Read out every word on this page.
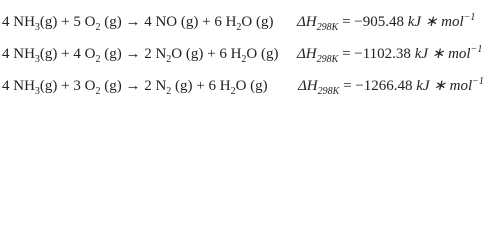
4 $NH_3(g) + 5$ $O_2$ (g) → 4 NO (g) + 6 $H_2O$ (g) $\Delta H_{298K} = -905.48$ kJ ∗ mol$^{-1}$
4 $NH_3(g) + 4$ $O_2$ (g) → 2 $N_2O$ (g) + 6 $H_2O$ (g) $\Delta H_{298K} = -1102.38$ kJ ∗ mol$^{-1}$
4 $NH_3(g) + 3$ $O_2$ (g) → 2 $N_2$ (g) + 6 $H_2O$ (g) $\Delta H_{298K} = -1266.48$ kJ ∗ mol$^{-1}$
